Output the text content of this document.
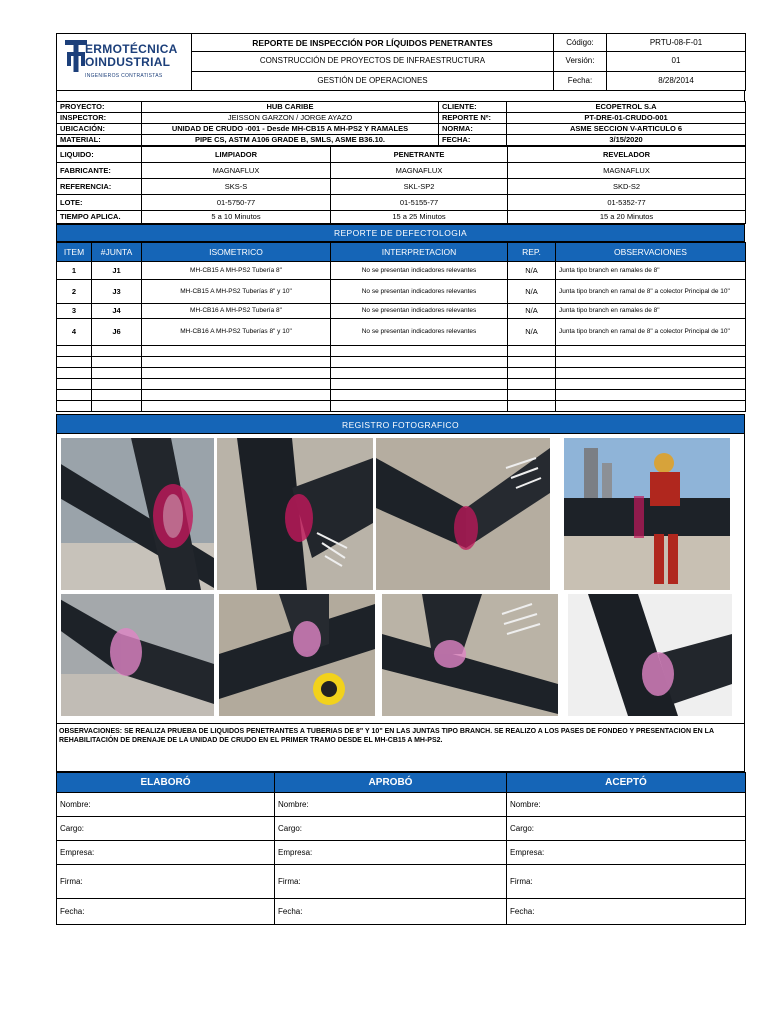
ERMOTÉCNICA
OINDUSTRIAL
INGENIEROS CONTRATISTAS	REPORTE DE INSPECCIÓN POR LÍQUIDOS PENETRANTES	Código:	PRTU-08-F-01
	CONSTRUCCIÓN DE PROYECTOS DE INFRAESTRUCTURA	Versión:	01
	GESTIÓN DE OPERACIONES	Fecha:	8/28/2014
PROYECTO:	HUB CARIBE	CLIENTE:	ECOPETROL S.A
INSPECTOR:	JEISSON GARZON / JORGE AYAZO	REPORTE Nº:	PT-DRE-01-CRUDO-001
UBICACIÓN:	UNIDAD DE CRUDO -001 - Desde MH-CB15 A MH-PS2 Y RAMALES	NORMA:	ASME SECCION V-ARTICULO 6
MATERIAL:	PIPE CS, ASTM A106 GRADE B, SMLS, ASME B36.10.	FECHA:	3/15/2020
LIQUIDO:	LIMPIADOR	PENETRANTE	REVELADOR
FABRICANTE:	MAGNAFLUX	MAGNAFLUX	MAGNAFLUX
REFERENCIA:	SKS-S	SKL-SP2	SKD-S2
LOTE:	01-5750-77	01-5155-77	01-5352-77
TIEMPO APLICA.	5 a 10 Minutos	15 a 25 Minutos	15 a 20 Minutos
REPORTE DE DEFECTOLOGIA
ITEM	#JUNTA	ISOMETRICO	INTERPRETACION	REP.	OBSERVACIONES
1	J1	MH-CB15 A MH-PS2 Tubería 8"	No se presentan indicadores relevantes	N/A	Junta tipo branch en ramales de 8"
2	J3	MH-CB15 A MH-PS2 Tuberías 8" y 10"	No se presentan indicadores relevantes	N/A	Junta tipo branch en ramal de 8" a colector Principal de 10"
3	J4	MH-CB16 A MH-PS2 Tubería 8"	No se presentan indicadores relevantes	N/A	Junta tipo branch en ramales de 8"
4	J6	MH-CB16 A MH-PS2 Tuberías 8" y 10"	No se presentan indicadores relevantes	N/A	Junta tipo branch en ramal de 8" a colector Principal de 10"

REGISTRO FOTOGRAFICO
OBSERVACIONES: SE REALIZA PRUEBA DE LIQUIDOS PENETRANTES A TUBERIAS DE 8" Y 10" EN LAS JUNTAS TIPO BRANCH. SE REALIZO A LOS PASES DE FONDEO Y PRESENTACION EN LA REHABILITACIÓN DE DRENAJE DE LA UNIDAD DE CRUDO EN EL PRIMER TRAMO DESDE EL MH-CB15 A MH-PS2.
ELABORÓ	APROBÓ	ACEPTÓ
Nombre:	Nombre:	Nombre:
Cargo:	Cargo:	Cargo:
Empresa:	Empresa:	Empresa:
Firma:	Firma:	Firma:
Fecha:	Fecha:	Fecha:
